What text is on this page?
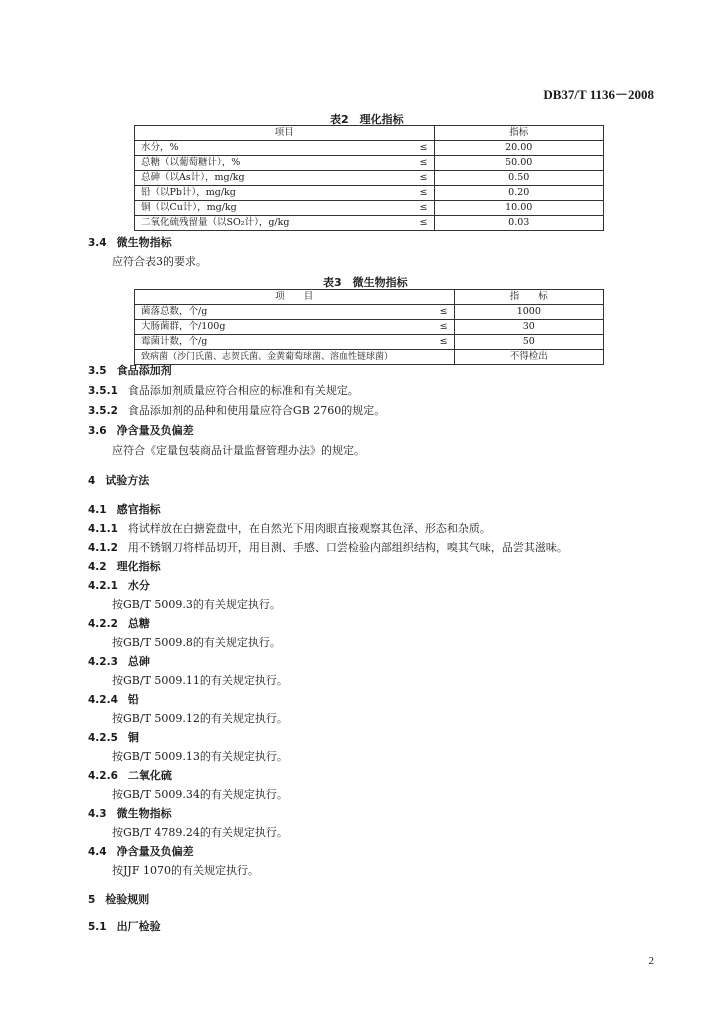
DB37/T 1136－2008
表2　理化指标
项目		指标
水分，%	≤	20.00
总糖（以葡萄糖计），%	≤	50.00
总砷（以As计），mg/kg	≤	0.50
铅（以Pb计），mg/kg	≤	0.20
铜（以Cu计），mg/kg	≤	10.00
二氧化硫残留量（以SO₂计），g/kg	≤	0.03
3.4 微生物指标
应符合表3的要求。
表3　微生物指标
项　　目		指　　标
菌落总数，个/g	≤	1000
大肠菌群，个/100g	≤	30
霉菌计数，个/g	≤	50
致病菌（沙门氏菌、志贺氏菌、金黄葡萄球菌、溶血性链球菌）		不得检出
3.5 食品添加剂
3.5.1 食品添加剂质量应符合相应的标准和有关规定。
3.5.2 食品添加剂的品种和使用量应符合GB 2760的规定。
3.6 净含量及负偏差
应符合《定量包装商品计量监督管理办法》的规定。
4 试验方法
4.1 感官指标
4.1.1 将试样放在白搪瓷盘中，在自然光下用肉眼直接观察其色泽、形态和杂质。
4.1.2 用不锈钢刀将样品切开，用目测、手感、口尝检验内部组织结构，嗅其气味，品尝其滋味。
4.2 理化指标
4.2.1 水分
按GB/T 5009.3的有关规定执行。
4.2.2 总糖
按GB/T 5009.8的有关规定执行。
4.2.3 总砷
按GB/T 5009.11的有关规定执行。
4.2.4 铅
按GB/T 5009.12的有关规定执行。
4.2.5 铜
按GB/T 5009.13的有关规定执行。
4.2.6 二氧化硫
按GB/T 5009.34的有关规定执行。
4.3 微生物指标
按GB/T 4789.24的有关规定执行。
4.4 净含量及负偏差
按JJF 1070的有关规定执行。
5 检验规则
5.1 出厂检验
2
